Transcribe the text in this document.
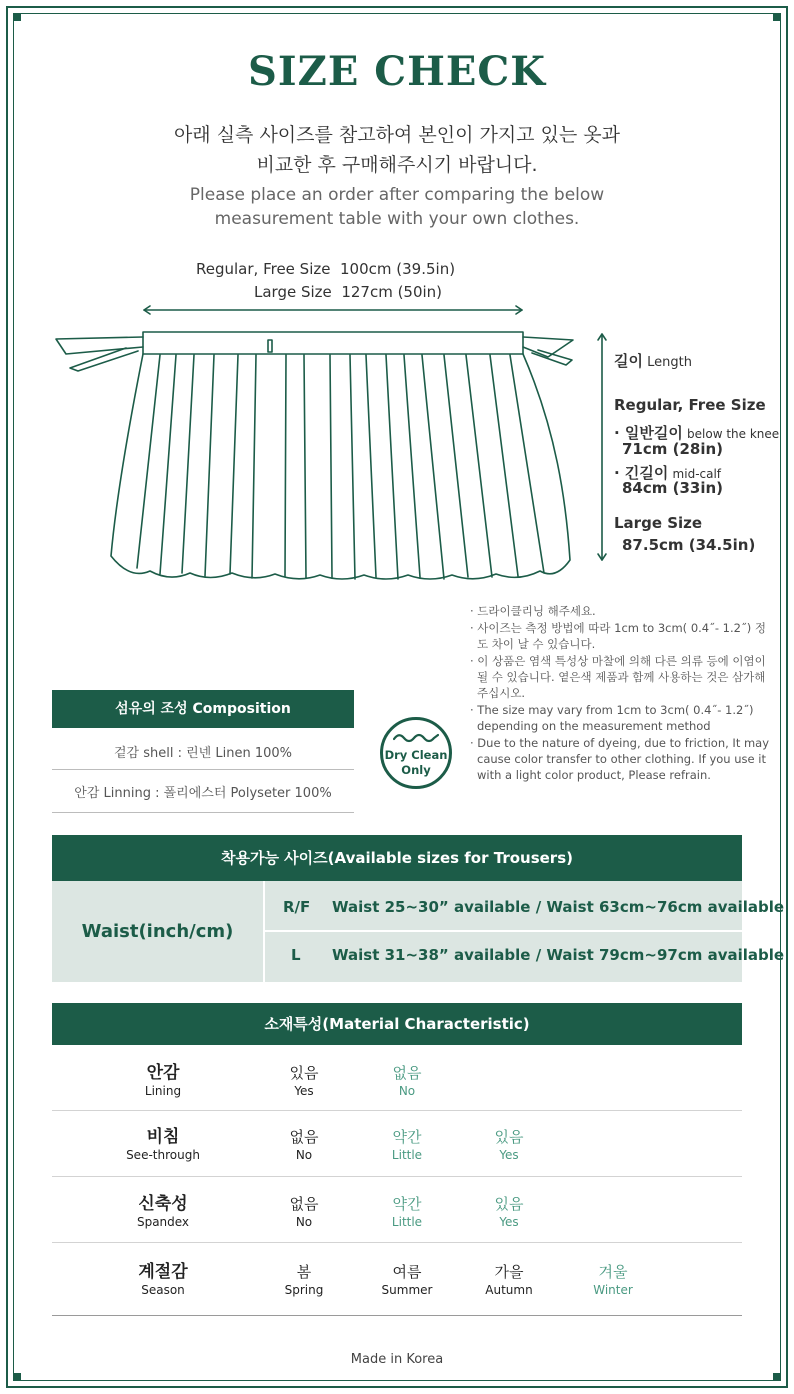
SIZE CHECK
아래 실측 사이즈를 참고하여 본인이 가지고 있는 옷과
비교한 후 구매해주시기 바랍니다.
Please place an order after comparing the below
measurement table with your own clothes.
Regular, Free Size 100cm (39.5in)
Large Size 127cm (50in)
길이 Length
Regular, Free Size
· 일반길이 below the knee
71cm (28in)
· 긴길이 mid-calf
84cm (33in)
Large Size
87.5cm (34.5in)
· 드라이클리닝 해주세요.
· 사이즈는 측정 방법에 따라 1cm to 3cm( 0.4˝- 1.2˝) 정도 차이 날 수 있습니다.
· 이 상품은 염색 특성상 마찰에 의해 다른 의류 등에 이염이 될 수 있습니다. 옅은색 제품과 함께 사용하는 것은 삼가해주십시오.
· The size may vary from 1cm to 3cm( 0.4˝- 1.2˝) depending on the measurement method
· Due to the nature of dyeing, due to friction, It may cause color transfer to other clothing. If you use it with a light color product, Please refrain.
섬유의 조성 Composition
겉감 shell : 린넨 Linen 100%
안감 Linning : 폴리에스터 Polyseter 100%
Dry Clean
Only
착용가능 사이즈(Available sizes for Trousers)
Waist(inch/cm)
R/F Waist 25~30” available / Waist 63cm~76cm available
L Waist 31~38” available / Waist 79cm~97cm available
소재특성(Material Characteristic)
안감
Lining
있음
Yes
없음
No
비침
See-through
없음
No
약간
Little
있음
Yes
신축성
Spandex
없음
No
약간
Little
있음
Yes
계절감
Season
봄
Spring
여름
Summer
가을
Autumn
겨울
Winter
Made in Korea
